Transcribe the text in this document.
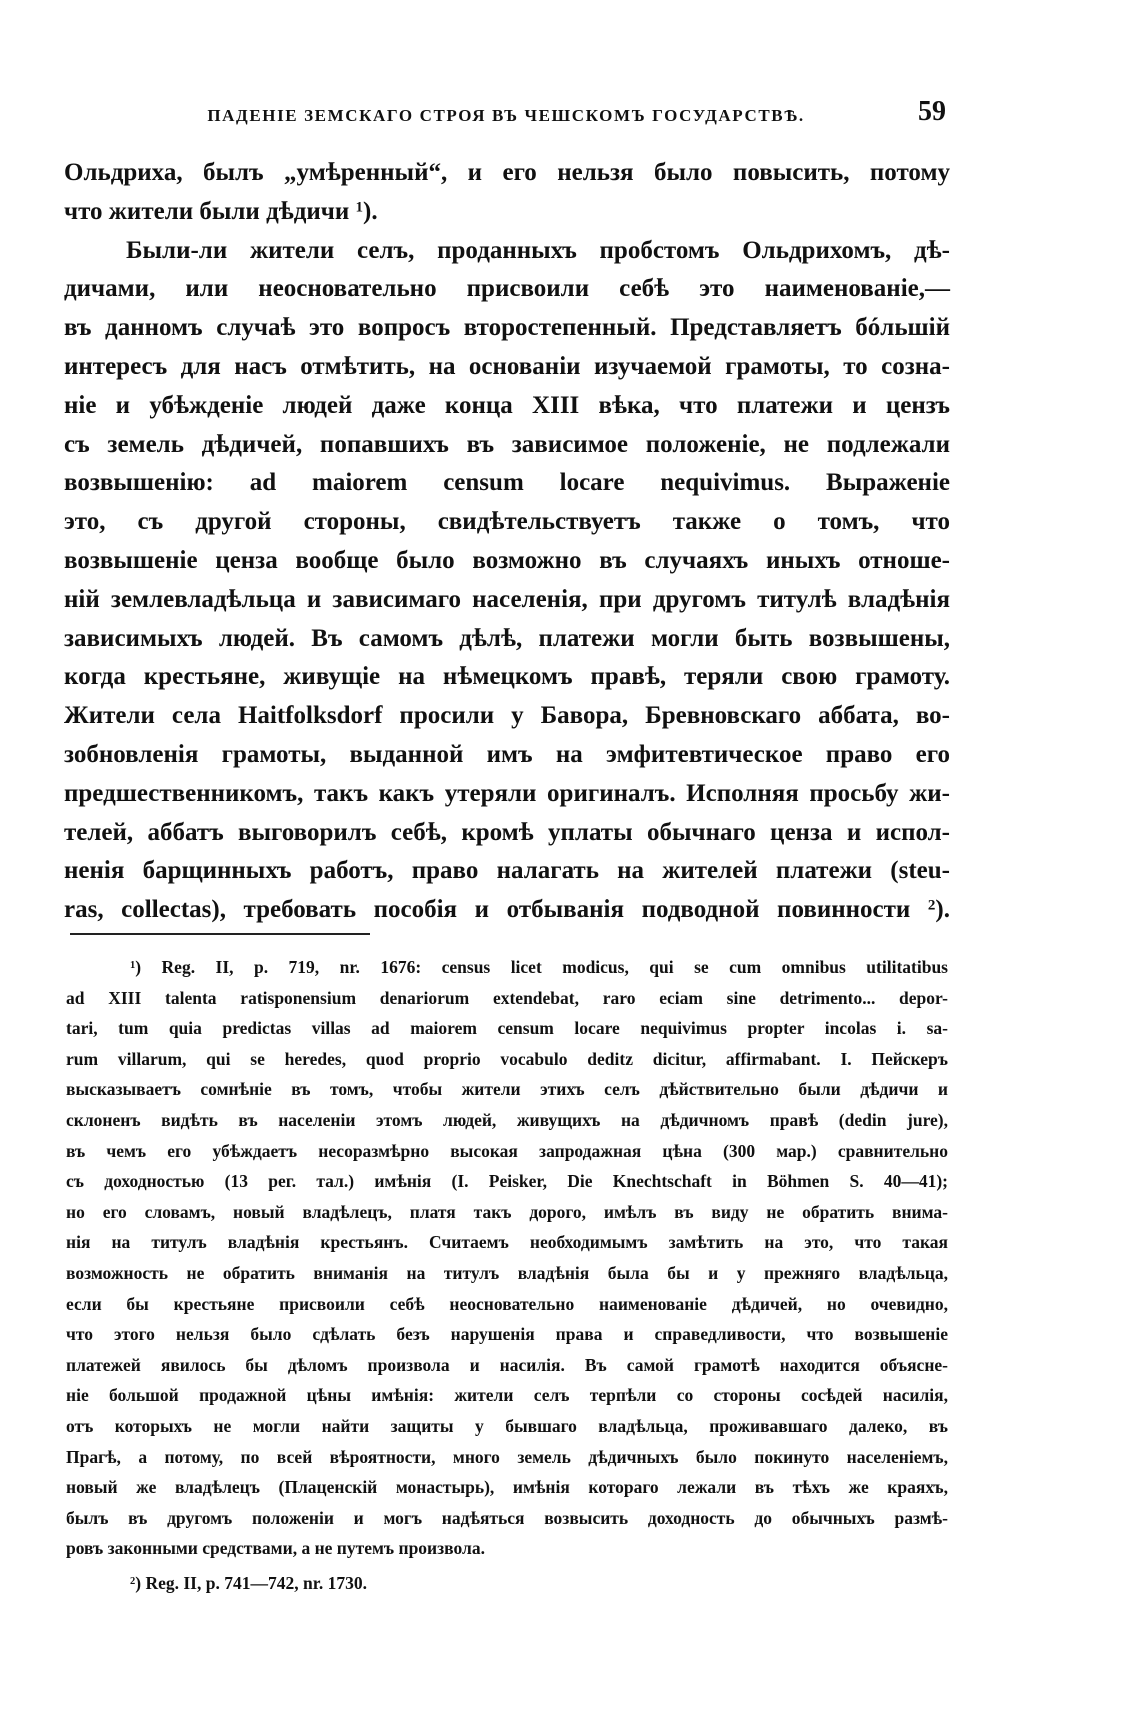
ПАДЕНІЕ ЗЕМСКАГО СТРОЯ ВЪ ЧЕШСКОМЪ ГОСУДАРСТВѢ.	59
Ольдриха, былъ „умѣренный“, и его нельзя было повысить, потому
что жители были дѣдичи $^1$).
Были-ли жители селъ, проданныхъ пробстомъ Ольдрихомъ, дѣ-
дичами, или неосновательно присвоили себѣ это наименованіе,—
въ данномъ случаѣ это вопросъ второстепенный. Представляетъ бóльшій
интересъ для насъ отмѣтить, на основаніи изучаемой грамоты, то сознa-
ніе и убѣжденіе людей даже конца XIII вѣка, что платежи и цензъ
съ земель дѣдичей, попавшихъ въ зависимое положеніе, не подлежали
возвышенію: ad maiorem censum locare nequivimus. Выраженіе
это, съ другой стороны, свидѣтельствуетъ также о томъ, что
возвышеніе ценза вообще было возможно въ случаяхъ иныхъ отноше-
ній землевладѣльца и зависимаго населенія, при другомъ титулѣ владѣнія
зависимыхъ людей. Въ самомъ дѣлѣ, платежи могли быть возвышены,
когда крестьяне, живущіе на нѣмецкомъ правѣ, теряли свою грамоту.
Жители села Haitfolksdorf просили у Бавора, Бревновскаго аббата, во-
зобновленія грамоты, выданной имъ на эмфитевтическое право его
предшественникомъ, такъ какъ утеряли оригиналъ. Исполняя просьбу жи-
телей, аббатъ выговорилъ себѣ, кромѣ уплаты обычнаго ценза и испол-
ненія барщинныхъ работъ, право налагать на жителей платежи (steu-
ras, collectas), требовать пособія и отбыванія подводной повинности $^2$).
$^1$) Reg. II, p. 719, nr. 1676: census licet modicus, qui se cum omnibus utilitatibus
ad XIII talenta ratisponensium denariorum extendebat, raro eciam sine detrimento... depor-
tari, tum quia predictas villas ad maiorem censum locare nequivimus propter incolas i. sa-
rum villarum, qui se heredes, quod proprio vocabulo deditz dicitur, affirmabant. I. Пейскеръ
высказываетъ сомнѣніе въ томъ, чтобы жители этихъ селъ дѣйствительно были дѣдичи и
склоненъ видѣть въ населеніи этомъ людей, живущихъ на дѣдичномъ правѣ (dedin jure),
въ чемъ его убѣждаетъ несоразмѣрно высокая запродажная цѣна (300 мар.) сравнительно
съ доходностью (13 рег. тал.) имѣнія (I. Peisker, Die Knechtschaft in Böhmen S. 40—41);
но его словамъ, новый владѣлецъ, платя такъ дорого, имѣлъ въ виду не обратить внима-
нія на титулъ владѣнія крестьянъ. Считаемъ необходимымъ замѣтить на это, что такая
возможность не обратить вниманія на титулъ владѣнія была бы и у прежняго владѣльца,
если бы крестьяне присвоили себѣ неосновательно наименованіе дѣдичей, но очевидно,
что этого нельзя было сдѣлать безъ нарушенія права и справедливости, что возвышеніе
платежей явилось бы дѣломъ произвола и насилія. Въ самой грамотѣ находится объясне-
ніе большой продажной цѣны имѣнія: жители селъ терпѣли со стороны сосѣдей насилія,
отъ которыхъ не могли найти защиты у бывшаго владѣльца, проживавшаго далеко, въ
Прагѣ, а потому, по всей вѣроятности, много земель дѣдичныхъ было покинуто населеніемъ,
новый же владѣлецъ (Плаценскій монастырь), имѣнія котораго лежали въ тѣхъ же краяхъ,
былъ въ другомъ положеніи и могъ надѣяться возвысить доходность до обычныхъ размѣ-
ровъ законными средствами, а не путемъ произвола.
$^2$) Reg. II, p. 741—742, nr. 1730.
